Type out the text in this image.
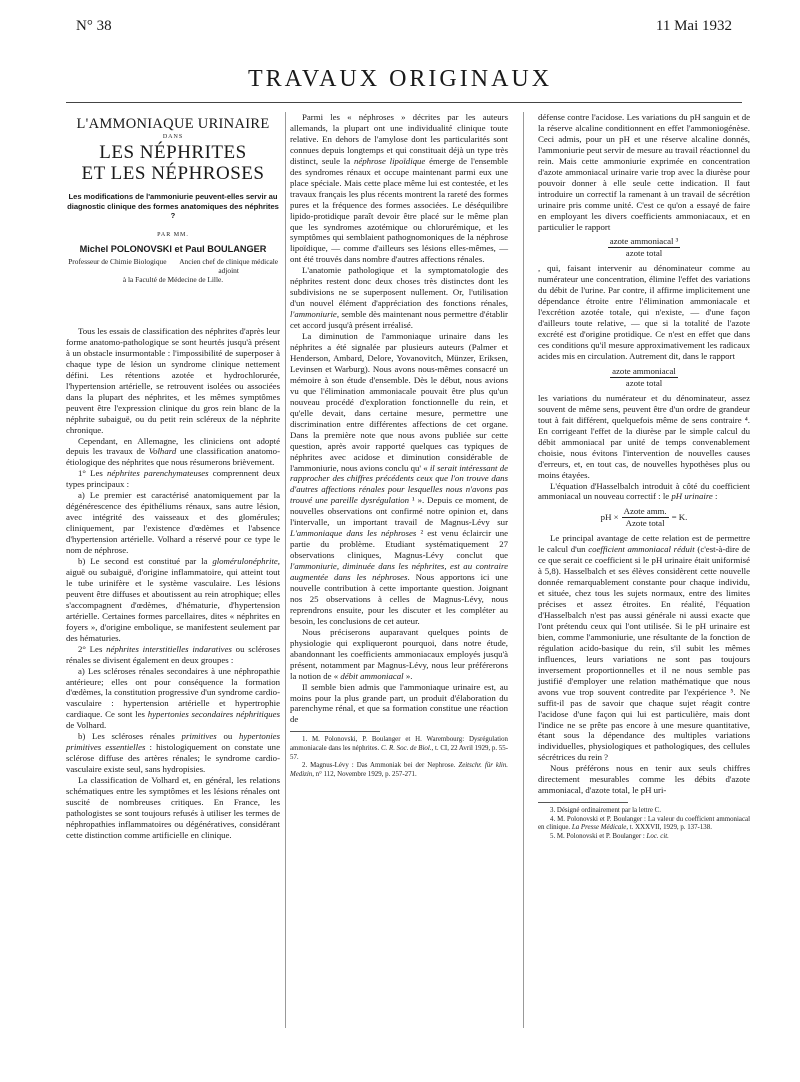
N° 38	11 Mai 1932
TRAVAUX ORIGINAUX
L'AMMONIAQUE URINAIRE
DANS
LES NÉPHRITES
ET LES NÉPHROSES
Les modifications de l'ammoniurie peuvent-elles servir au diagnostic clinique des formes anatomiques des néphrites ?
PAR MM.
Michel POLONOVSKI et Paul BOULANGER
Professeur de Chimie Biologique Ancien chef de clinique médicale adjoint
à la Faculté de Médecine de Lille.

Tous les essais de classification des néphrites d'après leur forme anatomo-pathologique se sont heurtés jusqu'à présent à un obstacle insurmontable : l'impossibilité de superposer à chaque type de lésion un syndrome clinique nettement défini. Les rétentions azotée et hydrochlorurée, l'hypertension artérielle, se retrouvent isolées ou associées dans la plupart des néphrites, et les mêmes symptômes peuvent être l'expression clinique du gros rein blanc de la néphrite subaiguë, ou du petit rein scléreux de la néphrite chronique.

Cependant, en Allemagne, les cliniciens ont adopté depuis les travaux de Volhard une classification anatomo-étiologique des néphrites que nous résumerons brièvement.

1° Les néphrites parenchymateuses comprennent deux types principaux :

a) Le premier est caractérisé anatomiquement par la dégénérescence des épithéliums rénaux, sans autre lésion, avec intégrité des vaisseaux et des glomérules; cliniquement, par l'existence d'œdèmes et l'absence d'hypertension artérielle. Volhard a réservé pour ce type le nom de néphrose.

b) Le second est constitué par la glomérulonéphrite, aiguë ou subaiguë, d'origine inflammatoire, qui atteint tout le tube urinifère et le système vasculaire. Les lésions peuvent être diffuses et aboutissent au rein atrophique; elles s'accompagnent d'œdèmes, d'hématurie, d'hypertension artérielle. Certaines formes parcellaires, dites « néphrites en foyers », d'origine embolique, se manifestent seulement par des hématuries.

2° Les néphrites interstitielles indaratives ou scléroses rénales se divisent également en deux groupes :

a) Les scléroses rénales secondaires à une néphropathie antérieure; elles ont pour conséquence la formation d'œdèmes, la constitution progressive d'un syndrome cardio-vasculaire : hypertension artérielle et hypertrophie cardiaque. Ce sont les hypertonies secondaires néphritiques de Volhard.

b) Les scléroses rénales primitives ou hypertonies primitives essentielles : histologiquement on constate une sclérose diffuse des artères rénales; le syndrome cardio-vasculaire existe seul, sans hydropisies.

La classification de Volhard et, en général, les relations schématiques entre les symptômes et les lésions rénales ont suscité de nombreuses critiques. En France, les pathologistes se sont toujours refusés à utiliser les termes de néphropathies inflammatoires ou dégénératives, considérant cette distinction comme artificielle en clinique.

Parmi les « néphroses » décrites par les auteurs allemands, la plupart ont une individualité clinique toute relative. En dehors de l'amylose dont les particularités sont connues depuis longtemps et qui constituait déjà un type très distinct, seule la néphrose lipoïdique émerge de l'ensemble des syndromes rénaux et occupe maintenant parmi eux une place spéciale. Mais cette place même lui est contestée, et les travaux français les plus récents montrent la rareté des formes pures et la fréquence des formes associées. Le déséquilibre lipido-protidique paraît devoir être placé sur le même plan que les syndromes azotémique ou chlorurémique, et les symptômes qui semblaient pathognomoniques de la néphrose lipoïdique, — comme d'ailleurs ses lésions elles-mêmes, — ont été trouvés dans nombre d'autres affections rénales.

L'anatomie pathologique et la symptomatologie des néphrites restent donc deux choses très distinctes dont les subdivisions ne se superposent nullement. Or, l'utilisation d'un nouvel élément d'appréciation des fonctions rénales, l'ammoniurie, semble dès maintenant nous permettre d'établir cet accord jusqu'à présent irréalisé.

La diminution de l'ammoniaque urinaire dans les néphrites a été signalée par plusieurs auteurs (Palmer et Henderson, Ambard, Delore, Yovanovitch, Münzer, Eriksen, Levinsen et Warburg). Nous avons nous-mêmes consacré un mémoire à son étude d'ensemble. Dès le début, nous avions vu que l'élimination ammoniacale pouvait être plus qu'un nouveau procédé d'exploration fonctionnelle du rein, et qu'elle devait, dans certaine mesure, permettre une discrimination entre différentes affections de cet organe. Dans la première note que nous avons publiée sur cette question, après avoir rapporté quelques cas typiques de néphrites avec acidose et diminution considérable de l'ammoniurie, nous avions conclu qu' « il serait intéressant de rapprocher des chiffres précédents ceux que l'on trouve dans d'autres affections rénales pour lesquelles nous n'avons pas trouvé une pareille dysrégulation ¹ ». Depuis ce moment, de nouvelles observations ont confirmé notre opinion et, dans l'intervalle, un important travail de Magnus-Lévy sur L'ammoniaque dans les néphroses ² est venu éclaircir une partie du problème. Etudiant systématiquement 27 observations cliniques, Magnus-Lévy conclut que l'ammoniurie, diminuée dans les néphrites, est au contraire augmentée dans les néphroses. Nous apportons ici une nouvelle contribution à cette importante question. Joignant nos 25 observations à celles de Magnus-Lévy, nous reprendrons ensuite, pour les discuter et les compléter au besoin, les conclusions de cet auteur.

Nous préciserons auparavant quelques points de physiologie qui expliqueront pourquoi, dans notre étude, abandonnant les coefficients ammoniacaux employés jusqu'à présent, notamment par Magnus-Lévy, nous leur préférerons la notion de « débit ammoniacal ».

Il semble bien admis que l'ammoniaque urinaire est, au moins pour la plus grande part, un produit d'élaboration du parenchyme rénal, et que sa formation constitue une réaction de

1. M. Polonovski, P. Boulanger et H. Warembourg: Dysrégulation ammoniacale dans les néphrites. C. R. Soc. de Biol., t. CI, 22 Avril 1929, p. 55-57.

2. Magnus-Lévy : Das Ammoniak bei der Nephrose. Zeitschr. für klin. Medizin, n° 112, Novembre 1929, p. 257-271.

défense contre l'acidose. Les variations du pH sanguin et de la réserve alcaline conditionnent en effet l'ammoniogénèse. Ceci admis, pour un pH et une réserve alcaline donnés, l'ammoniurie peut servir de mesure au travail réactionnel du rein. Mais cette ammoniurie exprimée en concentration d'azote ammoniacal urinaire varie trop avec la diurèse pour pouvoir donner à elle seule cette indication. Il faut introduire un correctif la ramenant à un travail de sécrétion urinaire pris comme unité. C'est ce qu'on a essayé de faire en employant les divers coefficients ammoniacaux, et en particulier le rapport

$\frac{\text{azote ammoniacal ³}}{\text{azote total}}$

, qui, faisant intervenir au dénominateur comme au numérateur une concentration, élimine l'effet des variations du débit de l'urine. Par contre, il affirme implicitement une dépendance étroite entre l'élimination ammoniacale et l'excrétion azotée totale, qui n'existe, — d'une façon d'ailleurs toute relative, — que si la totalité de l'azote excrété est d'origine protidique. Ce n'est en effet que dans ces conditions qu'il mesure approximativement les radicaux acides mis en circulation. Autrement dit, dans le rapport

$\frac{\text{azote ammoniacal}}{\text{azote total}}$

les variations du numérateur et du dénominateur, assez souvent de même sens, peuvent être d'un ordre de grandeur tout à fait différent, quelquefois même de sens contraire ⁴. En corrigeant l'effet de la diurèse par le simple calcul du débit ammoniacal par unité de temps convenablement choisie, nous évitons l'intervention de nouvelles causes d'erreurs, et, en tout cas, de nouvelles hypothèses plus ou moins étayées.

L'équation d'Hasselbalch introduit à côté du coefficient ammoniacal un nouveau correctif : le pH urinaire :

pH × $\frac{\text{Azote amm.}}{\text{Azote total}} = K$.

Le principal avantage de cette relation est de permettre le calcul d'un coefficient ammoniacal réduit (c'est-à-dire de ce que serait ce coefficient si le pH urinaire était uniformisé à 5,8). Hasselbalch et ses élèves considèrent cette nouvelle donnée remarquablement constante pour chaque individu, et située, chez tous les sujets normaux, entre des limites précises et assez étroites. En réalité, l'équation d'Hasselbalch n'est pas aussi générale ni aussi exacte que l'ont prétendu ceux qui l'ont utilisée. Si le pH urinaire est bien, comme l'ammoniurie, une résultante de la fonction de régulation acido-basique du rein, s'il subit les mêmes influences, leurs variations ne sont pas toujours inversement proportionnelles et il ne nous semble pas justifié d'employer une relation mathématique que nous avons vue trop souvent contredite par l'expérience ⁵. Ne suffit-il pas de savoir que chaque sujet réagit contre l'acidose d'une façon qui lui est particulière, mais dont l'indice ne se prête pas encore à une mesure quantitative, étant sous la dépendance des multiples variations individuelles, physiologiques et pathologiques, des cellules sécrétrices du rein ?

Nous préférons nous en tenir aux seuls chiffres directement mesurables comme les débits d'azote ammoniacal, d'azote total, le pH uri-

3. Désigné ordinairement par la lettre C.

4. M. Polonovski et P. Boulanger : La valeur du coefficient ammoniacal en clinique. La Presse Médicale, t. XXXVII, 1929, p. 137-138.

5. M. Polonovski et P. Boulanger : Loc. cit.
